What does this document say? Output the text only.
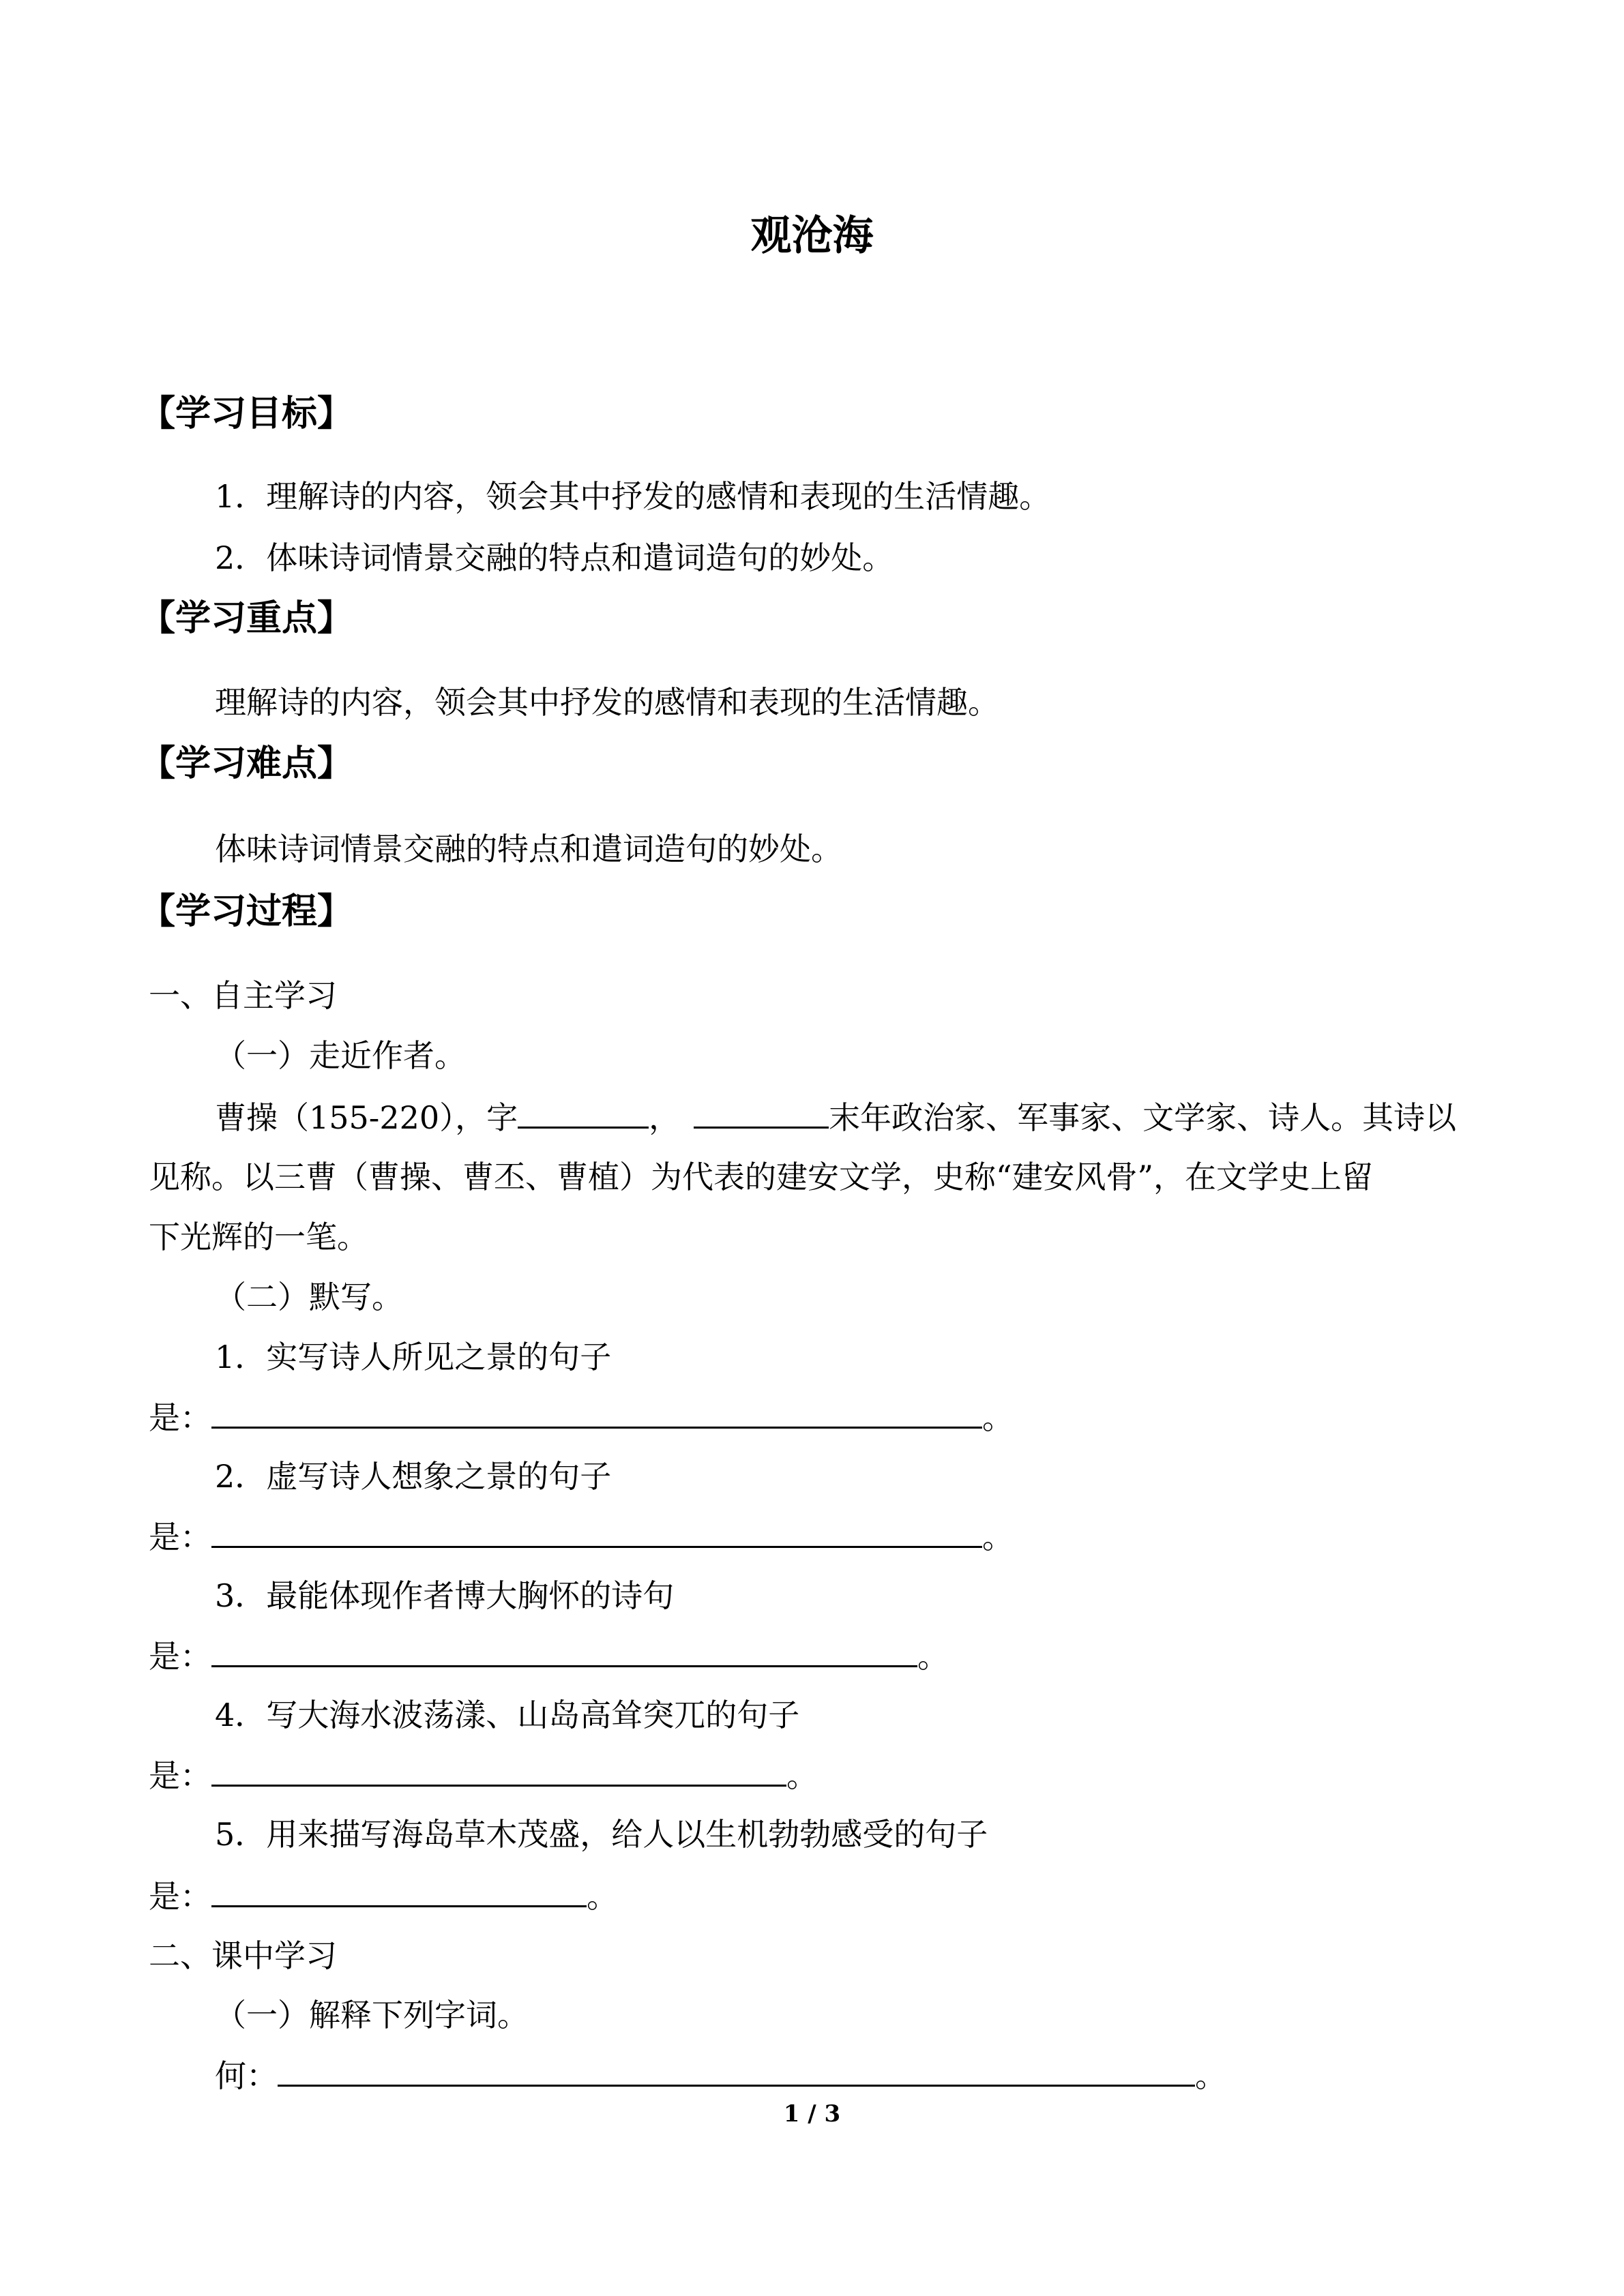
观沧海
【学习目标】
1．理解诗的内容，领会其中抒发的感情和表现的生活情趣。
2．体味诗词情景交融的特点和遣词造句的妙处。
【学习重点】
理解诗的内容，领会其中抒发的感情和表现的生活情趣。
【学习难点】
体味诗词情景交融的特点和遣词造句的妙处。
【学习过程】
一、自主学习
（一）走近作者。
曹操（155-220），字	，	末年政治家、军事家、文学家、诗人。其诗以
见称。以三曹（曹操、曹丕、曹植）为代表的建安文学，史称“建安风骨”，在文学史上留
下光辉的一笔。
（二）默写。
1．实写诗人所见之景的句子
是：	。
2．虚写诗人想象之景的句子
是：	。
3．最能体现作者博大胸怀的诗句
是：	。
4．写大海水波荡漾、山岛高耸突兀的句子
是：	。
5．用来描写海岛草木茂盛，给人以生机勃勃感受的句子
是：	。
二、课中学习
（一）解释下列字词。
何：	。
1 / 3
